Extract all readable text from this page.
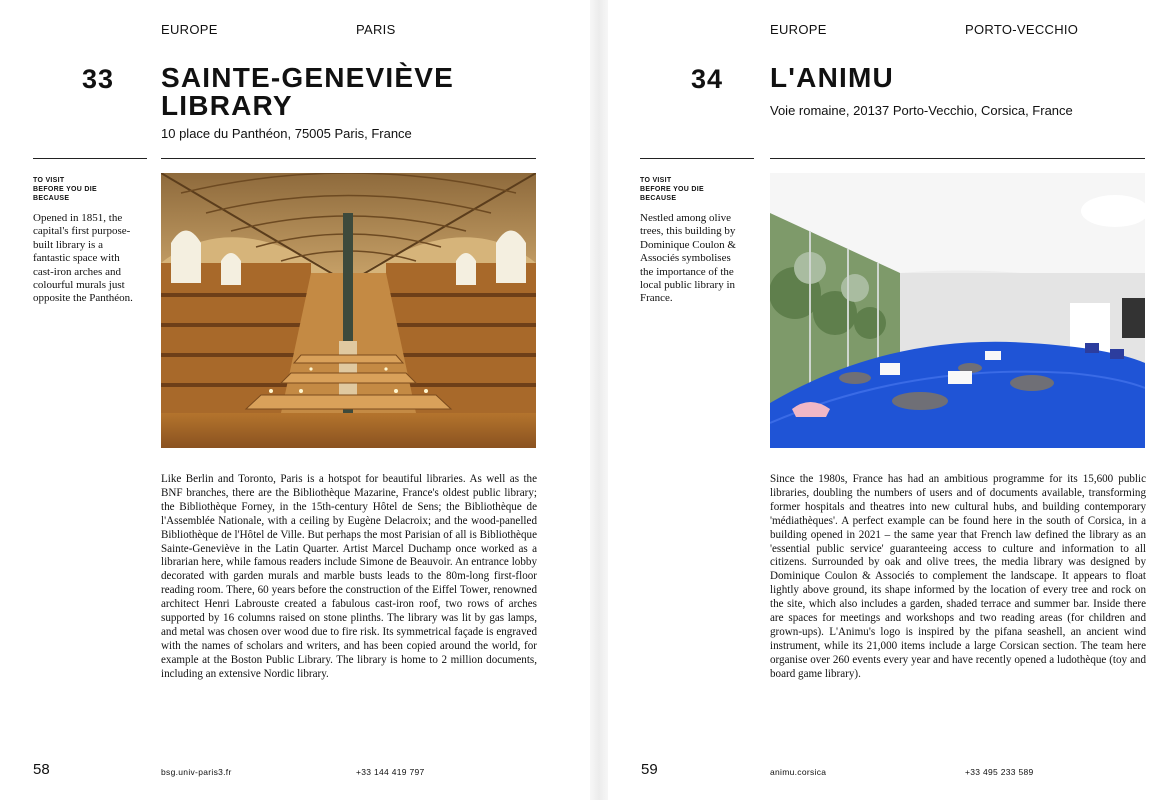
EUROPE	PARIS
33 SAINTE-GENEVIÈVE
LIBRARY
10 place du Panthéon, 75005 Paris, France
TO VISIT
BEFORE YOU DIE
BECAUSE
Opened in 1851, the capital's first purpose-built library is a fantastic space with cast-iron arches and colourful murals just opposite the Panthéon.
Like Berlin and Toronto, Paris is a hotspot for beautiful libraries. As well as the BNF branches, there are the Bibliothèque Mazarine, France's oldest public library; the Bibliothèque Forney, in the 15th-century Hôtel de Sens; the Bibliothèque de l'Assemblée Nationale, with a ceiling by Eugène Delacroix; and the wood-panelled Bibliothèque de l'Hôtel de Ville. But perhaps the most Parisian of all is Bibliothèque Sainte-Geneviève in the Latin Quarter. Artist Marcel Duchamp once worked as a librarian here, while famous readers include Simone de Beauvoir. An entrance lobby decorated with garden murals and marble busts leads to the 80m-long first-floor reading room. There, 60 years before the construction of the Eiffel Tower, renowned architect Henri Labrouste created a fabulous cast-iron roof, two rows of arches supported by 16 columns raised on stone plinths. The library was lit by gas lamps, and metal was chosen over wood due to fire risk. Its symmetrical façade is engraved with the names of scholars and writers, and has been copied around the world, for example at the Boston Public Library. The library is home to 2 million documents, including an extensive Nordic library.
58	bsg.univ-paris3.fr	+33 144 419 797
EUROPE	PORTO-VECCHIO
34 L'ANIMU
Voie romaine, 20137 Porto-Vecchio, Corsica, France
TO VISIT
BEFORE YOU DIE
BECAUSE
Nestled among olive trees, this building by Dominique Coulon & Associés symbolises the importance of the local public library in France.
Since the 1980s, France has had an ambitious programme for its 15,600 public libraries, doubling the numbers of users and of documents available, transforming former hospitals and theatres into new cultural hubs, and building contemporary 'médiathèques'. A perfect example can be found here in the south of Corsica, in a building opened in 2021 – the same year that French law defined the library as an 'essential public service' guaranteeing access to culture and information to all citizens. Surrounded by oak and olive trees, the media library was designed by Dominique Coulon & Associés to complement the landscape. It appears to float lightly above ground, its shape informed by the location of every tree and rock on the site, which also includes a garden, shaded terrace and summer bar. Inside there are spaces for meetings and workshops and two reading areas (for children and grown-ups). L'Animu's logo is inspired by the pifana seashell, an ancient wind instrument, while its 21,000 items include a large Corsican section. The team here organise over 260 events every year and have recently opened a ludothèque (toy and board game library).
59	animu.corsica	+33 495 233 589
